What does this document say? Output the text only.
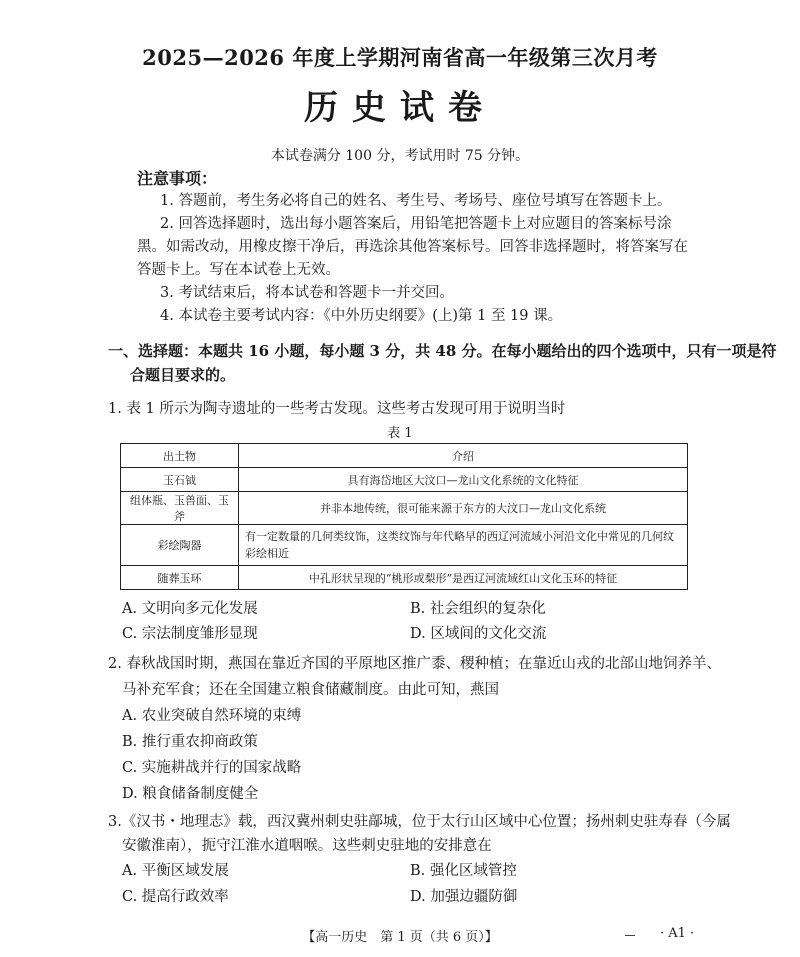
2025—2026 年度上学期河南省高一年级第三次月考
历史试卷
本试卷满分 100 分，考试用时 75 分钟。
注意事项：
1. 答题前，考生务必将自己的姓名、考生号、考场号、座位号填写在答题卡上。
2. 回答选择题时，选出每小题答案后，用铅笔把答题卡上对应题目的答案标号涂
黑。如需改动，用橡皮擦干净后，再选涂其他答案标号。回答非选择题时，将答案写在
答题卡上。写在本试卷上无效。
3. 考试结束后，将本试卷和答题卡一并交回。
4. 本试卷主要考试内容：《中外历史纲要》(上)第 1 至 19 课。
一、选择题：本题共 16 小题，每小题 3 分，共 48 分。在每小题给出的四个选项中，只有一项是符
合题目要求的。
1. 表 1 所示为陶寺遗址的一些考古发现。这些考古发现可用于说明当时
表 1
出土物	介绍
玉石钺	具有海岱地区大汶口—龙山文化系统的文化特征
组体瓶、玉兽面、玉斧	并非本地传统，很可能来源于东方的大汶口—龙山文化系统
彩绘陶器	有一定数量的几何类纹饰，这类纹饰与年代略早的西辽河流域小河沿文化中常见的几何纹彩绘相近
随葬玉环	中孔形状呈现的“桃形或梨形”是西辽河流域红山文化玉环的特征
A. 文明向多元化发展	B. 社会组织的复杂化
C. 宗法制度雏形显现	D. 区域间的文化交流
2. 春秋战国时期，燕国在靠近齐国的平原地区推广黍、稷种植；在靠近山戎的北部山地饲养羊、
马补充军食；还在全国建立粮食储藏制度。由此可知，燕国
A. 农业突破自然环境的束缚
B. 推行重农抑商政策
C. 实施耕战并行的国家战略
D. 粮食储备制度健全
3.《汉书・地理志》载，西汉冀州刺史驻鄗城，位于太行山区域中心位置；扬州刺史驻寿春（今属
安徽淮南），扼守江淮水道咽喉。这些刺史驻地的安排意在
A. 平衡区域发展	B. 强化区域管控
C. 提高行政效率	D. 加强边疆防御
【高一历史　第 1 页（共 6 页）】	· A1 ·
